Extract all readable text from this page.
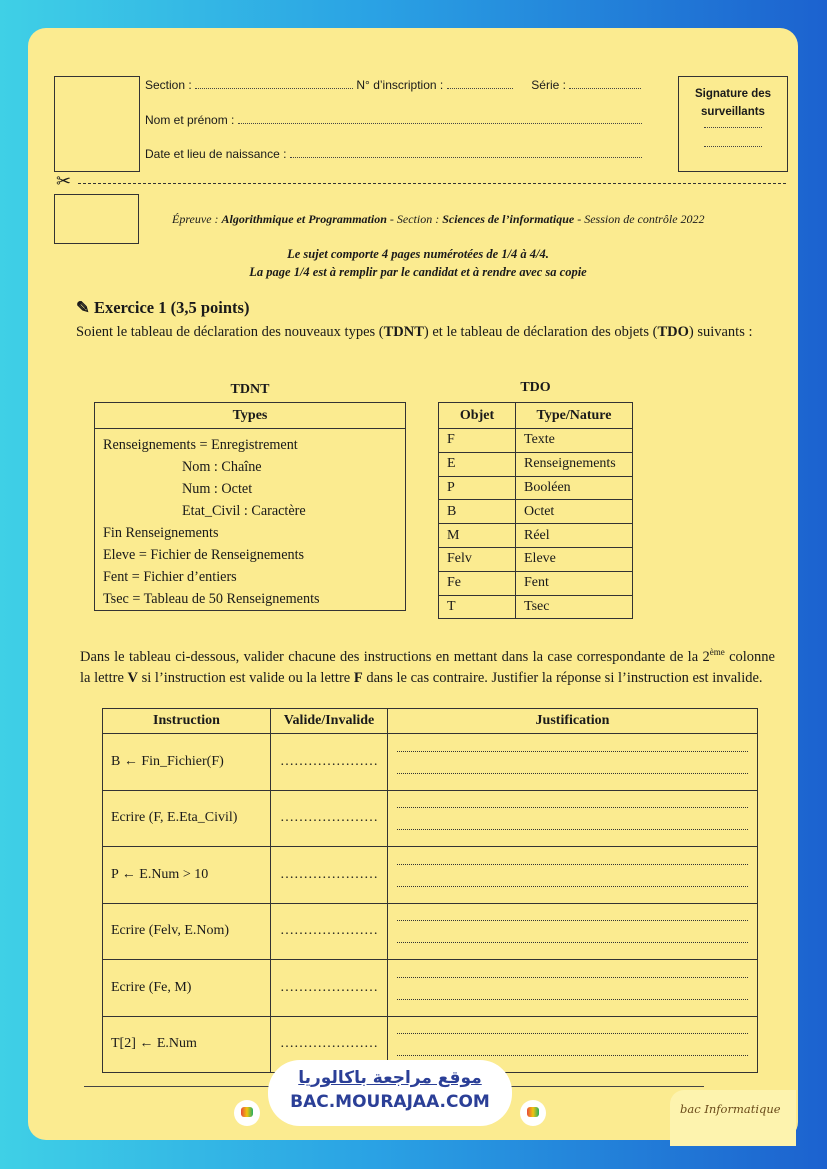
Section :	N° d’inscription :	Série :
Nom et prénom :
Date et lieu de naissance :
Signature des
surveillants
✂
Épreuve : Algorithmique et Programmation - Section : Sciences de l’informatique - Session de contrôle 2022
Le sujet comporte 4 pages numérotées de 1/4 à 4/4.
La page 1/4 est à remplir par le candidat et à rendre avec sa copie
✎ Exercice 1 (3,5 points)

Soient le tableau de déclaration des nouveaux types (TDNT) et le tableau de déclaration des objets (TDO) suivants :

TDNT
Types
Renseignements = Enregistrement
Nom : Chaîne
Num : Octet
Etat_Civil : Caractère
Fin Renseignements
Eleve = Fichier de Renseignements
Fent = Fichier d’entiers
Tsec = Tableau de 50 Renseignements
TDO
Objet	Type/Nature
F	Texte
E	Renseignements
P	Booléen
B	Octet
M	Réel
Felv	Eleve
Fe	Fent
T	Tsec

Dans le tableau ci-dessous, valider chacune des instructions en mettant dans la case correspondante de la 2ème colonne la lettre V si l’instruction est valide ou la lettre F dans le cas contraire. Justifier la réponse si l’instruction est invalide.

Instruction	Valide/Invalide	Justification
B ← Fin_Fichier(F)	…………………	

Ecrire (F, E.Eta_Civil)	…………………	

P ← E.Num > 10	…………………	

Ecrire (Felv, E.Nom)	…………………	

Ecrire (Fe, M)	…………………	

T[2] ← E.Num	…………………	
موقع مراجعة باكالوريا
BAC.MOURAJAA.COM	bac Informatique
